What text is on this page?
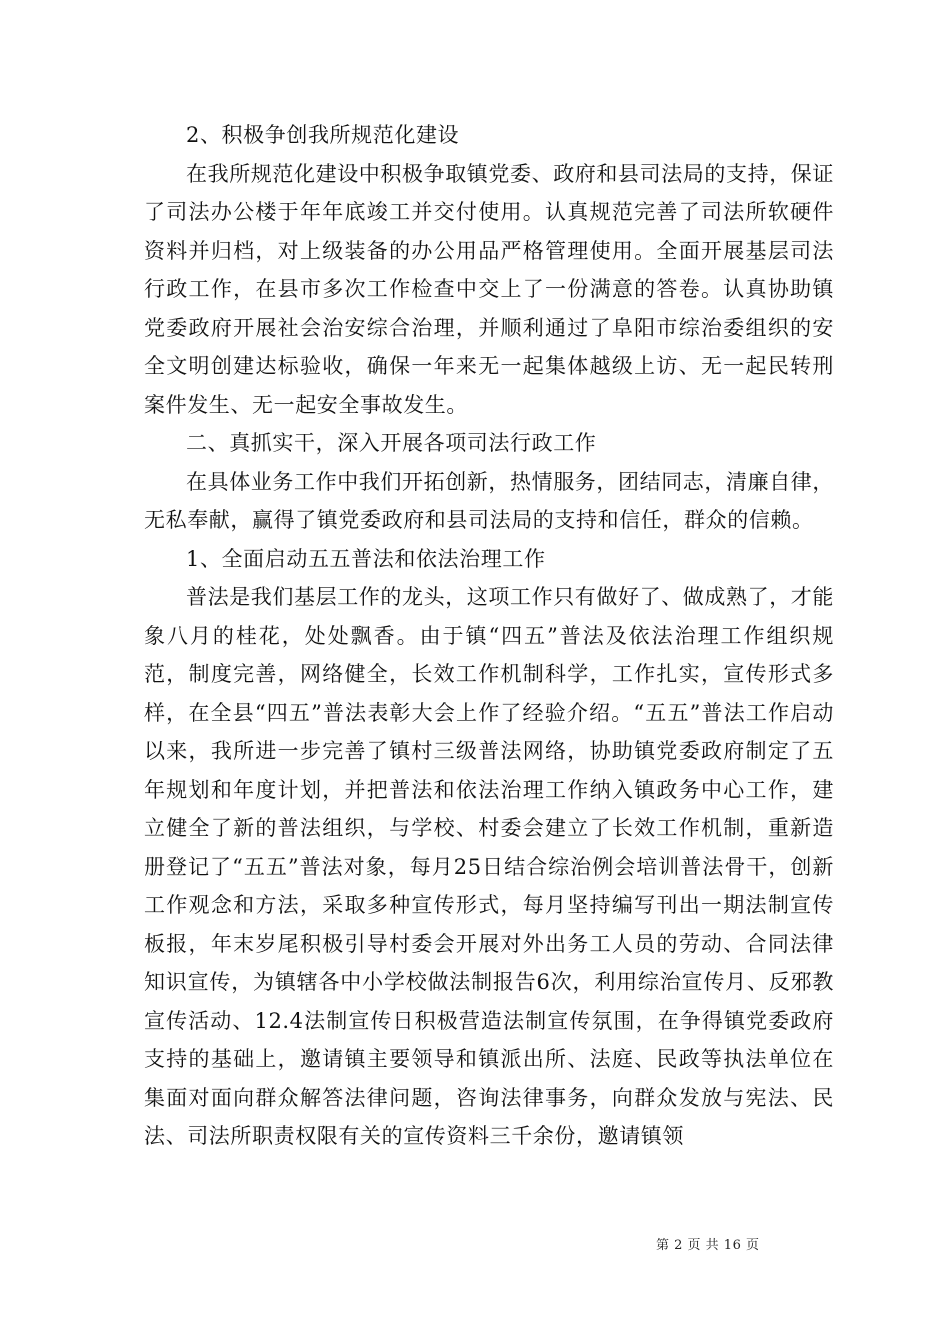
2、积极争创我所规范化建设

在我所规范化建设中积极争取镇党委、政府和县司法局的支持，保证了司法办公楼于年年底竣工并交付使用。认真规范完善了司法所软硬件资料并归档，对上级装备的办公用品严格管理使用。全面开展基层司法行政工作，在县市多次工作检查中交上了一份满意的答卷。认真协助镇党委政府开展社会治安综合治理，并顺利通过了阜阳市综治委组织的安全文明创建达标验收，确保一年来无一起集体越级上访、无一起民转刑案件发生、无一起安全事故发生。

二、真抓实干，深入开展各项司法行政工作

在具体业务工作中我们开拓创新，热情服务，团结同志，清廉自律，无私奉献，赢得了镇党委政府和县司法局的支持和信任，群众的信赖。

1、全面启动五五普法和依法治理工作

普法是我们基层工作的龙头，这项工作只有做好了、做成熟了，才能象八月的桂花，处处飘香。由于镇“四五”普法及依法治理工作组织规范，制度完善，网络健全，长效工作机制科学，工作扎实，宣传形式多样，在全县“四五”普法表彰大会上作了经验介绍。“五五”普法工作启动以来，我所进一步完善了镇村三级普法网络，协助镇党委政府制定了五年规划和年度计划，并把普法和依法治理工作纳入镇政务中心工作，建立健全了新的普法组织，与学校、村委会建立了长效工作机制，重新造册登记了“五五”普法对象，每月25日结合综治例会培训普法骨干，创新工作观念和方法，采取多种宣传形式，每月坚持编写刊出一期法制宣传板报，年末岁尾积极引导村委会开展对外出务工人员的劳动、合同法律知识宣传，为镇辖各中小学校做法制报告6次，利用综治宣传月、反邪教宣传活动、12.4法制宣传日积极营造法制宣传氛围，在争得镇党委政府支持的基础上，邀请镇主要领导和镇派出所、法庭、民政等执法单位在集面对面向群众解答法律问题，咨询法律事务，向群众发放与宪法、民法、司法所职责权限有关的宣传资料三千余份，邀请镇领

第 2 页 共 16 页
